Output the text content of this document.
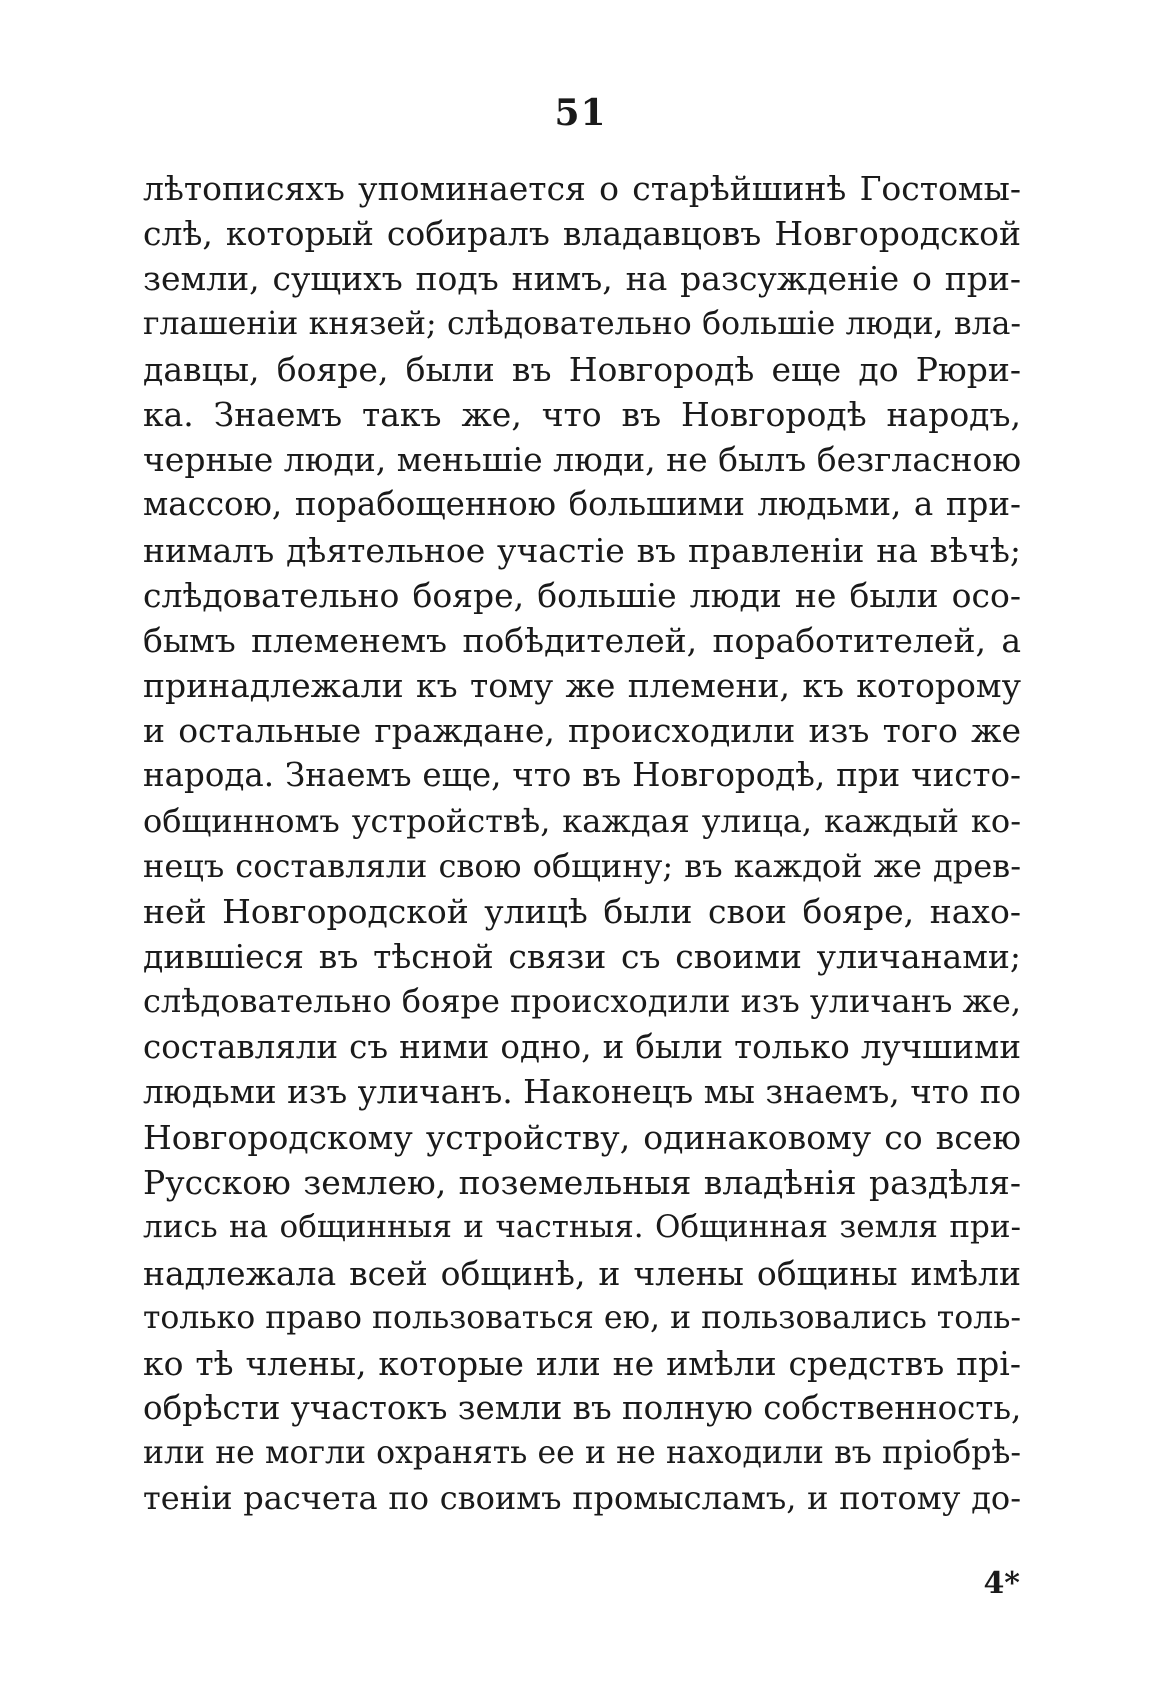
51
лѣтописяхъ упоминается о старѣйшинѣ Гостомы-
слѣ, который собиралъ владавцовъ Новгородской
земли, сущихъ подъ нимъ, на разсужденіе о при-
глашеніи князей; слѣдовательно большіе люди, вла-
давцы, бояре, были въ Новгородѣ еще до Рюри-
ка. Знаемъ такъ же, что въ Новгородѣ народъ,
черные люди, меньшіе люди, не былъ безгласною
массою, порабощенною большими людьми, а при-
нималъ дѣятельное участіе въ правленіи на вѣчѣ;
слѣдовательно бояре, большіе люди не были осо-
бымъ племенемъ побѣдителей, поработителей, а
принадлежали къ тому же племени, къ которому
и остальные граждане, происходили изъ того же
народа. Знаемъ еще, что въ Новгородѣ, при чисто-
общинномъ устройствѣ, каждая улица, каждый ко-
нецъ составляли свою общину; въ каждой же древ-
ней Новгородской улицѣ были свои бояре, нахо-
дившіеся въ тѣсной связи съ своими уличанами;
слѣдовательно бояре происходили изъ уличанъ же,
составляли съ ними одно, и были только лучшими
людьми изъ уличанъ. Наконецъ мы знаемъ, что по
Новгородскому устройству, одинаковому со всею
Русскою землею, поземельныя владѣнія раздѣля-
лись на общинныя и частныя. Общинная земля при-
надлежала всей общинѣ, и члены общины имѣли
только право пользоваться ею, и пользовались толь-
ко тѣ члены, которые или не имѣли средствъ прі-
обрѣсти участокъ земли въ полную собственность,
или не могли охранять ее и не находили въ пріобрѣ-
теніи расчета по своимъ промысламъ, и потому до-
4*
